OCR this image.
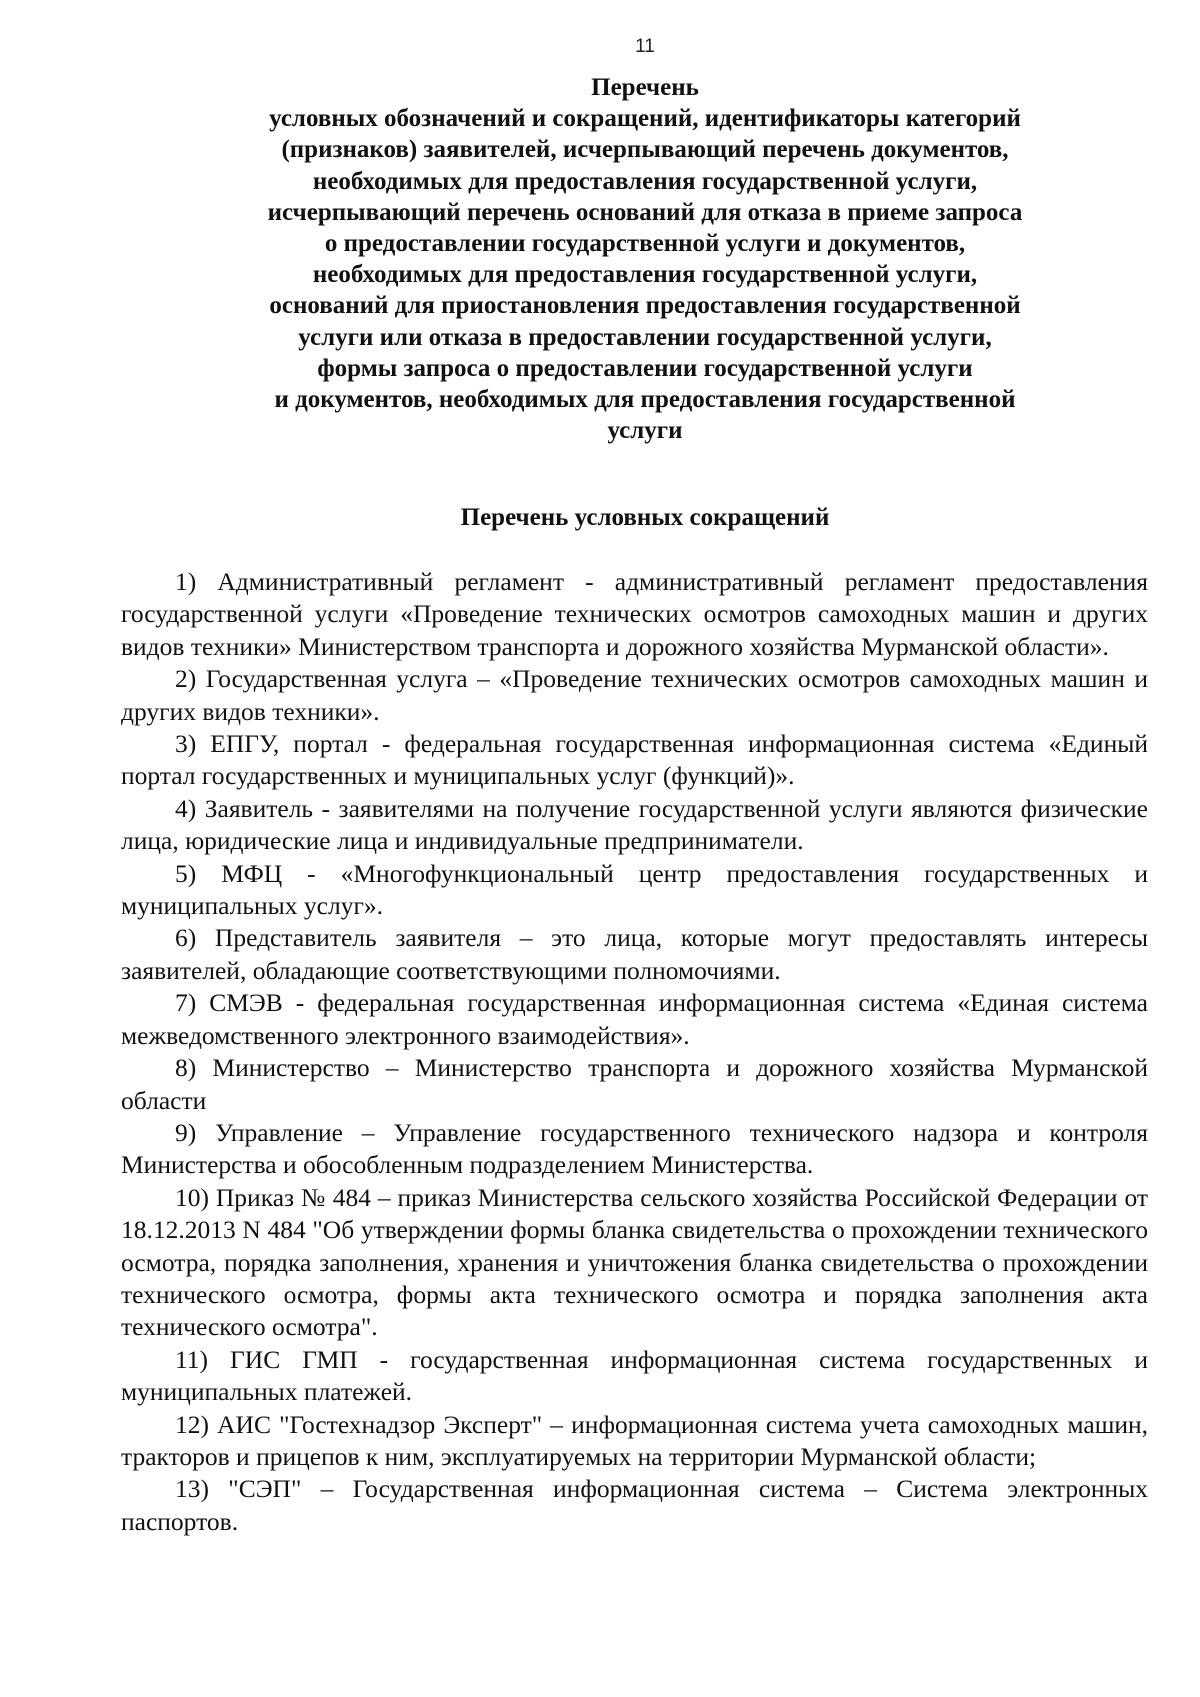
11
Перечень
условных обозначений и сокращений, идентификаторы категорий
(признаков) заявителей, исчерпывающий перечень документов,
необходимых для предоставления государственной услуги,
исчерпывающий перечень оснований для отказа в приеме запроса
о предоставлении государственной услуги и документов,
необходимых для предоставления государственной услуги,
оснований для приостановления предоставления государственной
услуги или отказа в предоставлении государственной услуги,
формы запроса о предоставлении государственной услуги
и документов, необходимых для предоставления государственной
услуги
Перечень условных сокращений

1) Административный регламент - административный регламент предоставления государственной услуги «Проведение технических осмотров самоходных машин и других видов техники» Министерством транспорта и дорожного хозяйства Мурманской области».

2) Государственная услуга – «Проведение технических осмотров самоходных машин и других видов техники».

3) ЕПГУ, портал - федеральная государственная информационная система «Единый портал государственных и муниципальных услуг (функций)».

4) Заявитель - заявителями на получение государственной услуги являются физические лица, юридические лица и индивидуальные предприниматели.

5) МФЦ - «Многофункциональный центр предоставления государственных и муниципальных услуг».

6) Представитель заявителя – это лица, которые могут предоставлять интересы заявителей, обладающие соответствующими полномочиями.

7) СМЭВ - федеральная государственная информационная система «Единая система межведомственного электронного взаимодействия».

8) Министерство – Министерство транспорта и дорожного хозяйства Мурманской области

9) Управление – Управление государственного технического надзора и контроля Министерства и обособленным подразделением Министерства.

10) Приказ № 484 – приказ Министерства сельского хозяйства Российской Федерации от 18.12.2013 N 484 "Об утверждении формы бланка свидетельства о прохождении технического осмотра, порядка заполнения, хранения и уничтожения бланка свидетельства о прохождении технического осмотра, формы акта технического осмотра и порядка заполнения акта технического осмотра".

11) ГИС ГМП - государственная информационная система государственных и муниципальных платежей.

12) АИС "Гостехнадзор Эксперт" – информационная система учета самоходных машин, тракторов и прицепов к ним, эксплуатируемых на территории Мурманской области;

13) "СЭП" – Государственная информационная система – Система электронных паспортов.
